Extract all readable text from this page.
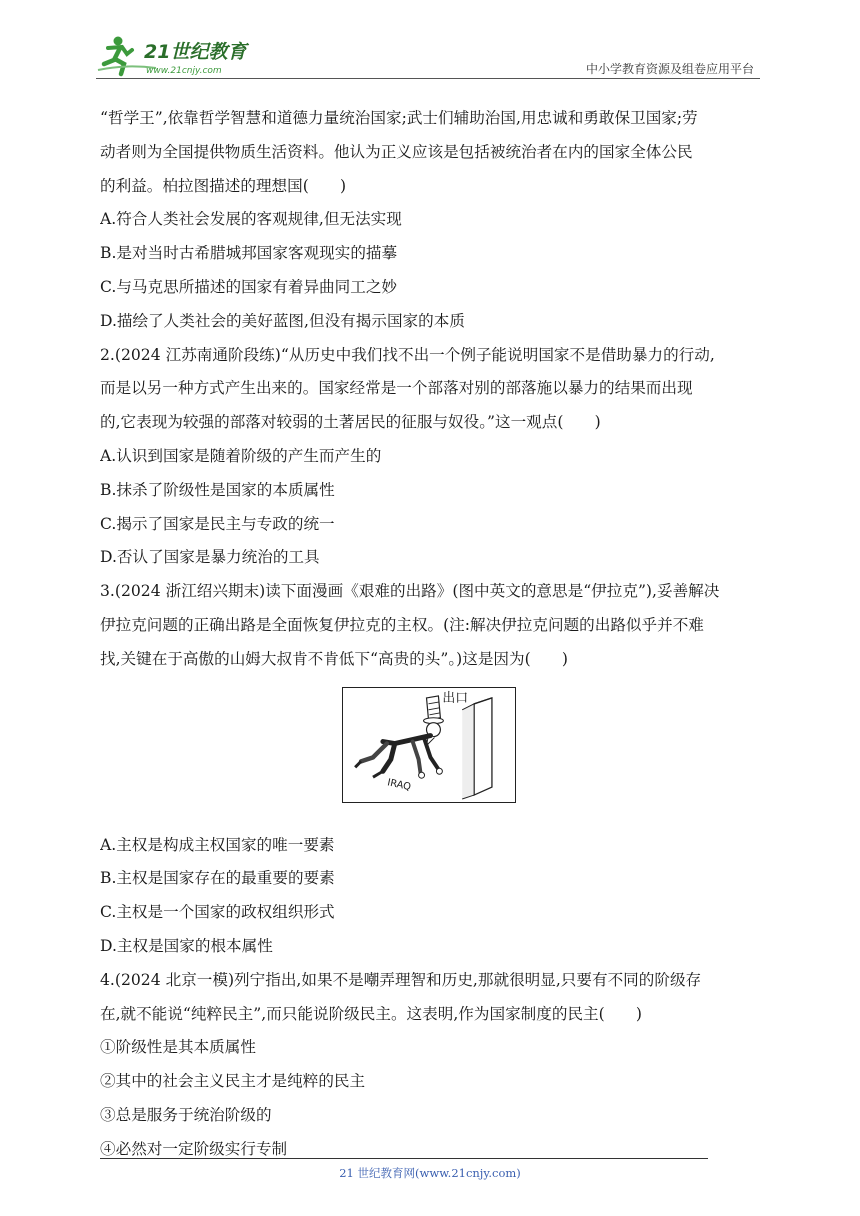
21世纪教育
www.21cnjy.com	中小学教育资源及组卷应用平台
“哲学王”,依靠哲学智慧和道德力量统治国家;武士们辅助治国,用忠诚和勇敢保卫国家;劳
动者则为全国提供物质生活资料。他认为正义应该是包括被统治者在内的国家全体公民
的利益。柏拉图描述的理想国(　　)
A.符合人类社会发展的客观规律,但无法实现
B.是对当时古希腊城邦国家客观现实的描摹
C.与马克思所描述的国家有着异曲同工之妙
D.描绘了人类社会的美好蓝图,但没有揭示国家的本质
2.(2024 江苏南通阶段练)“从历史中我们找不出一个例子能说明国家不是借助暴力的行动,
而是以另一种方式产生出来的。国家经常是一个部落对别的部落施以暴力的结果而出现
的,它表现为较强的部落对较弱的土著居民的征服与奴役。”这一观点(　　)
A.认识到国家是随着阶级的产生而产生的
B.抹杀了阶级性是国家的本质属性
C.揭示了国家是民主与专政的统一
D.否认了国家是暴力统治的工具
3.(2024 浙江绍兴期末)读下面漫画《艰难的出路》(图中英文的意思是“伊拉克”),妥善解决
伊拉克问题的正确出路是全面恢复伊拉克的主权。(注:解决伊拉克问题的出路似乎并不难
找,关键在于高傲的山姆大叔肯不肯低下“高贵的头”。)这是因为(　　)
出口
IRAQ
A.主权是构成主权国家的唯一要素
B.主权是国家存在的最重要的要素
C.主权是一个国家的政权组织形式
D.主权是国家的根本属性
4.(2024 北京一模)列宁指出,如果不是嘲弄理智和历史,那就很明显,只要有不同的阶级存
在,就不能说“纯粹民主”,而只能说阶级民主。这表明,作为国家制度的民主(　　)
①阶级性是其本质属性
②其中的社会主义民主才是纯粹的民主
③总是服务于统治阶级的
④必然对一定阶级实行专制
21 世纪教育网(www.21cnjy.com)
